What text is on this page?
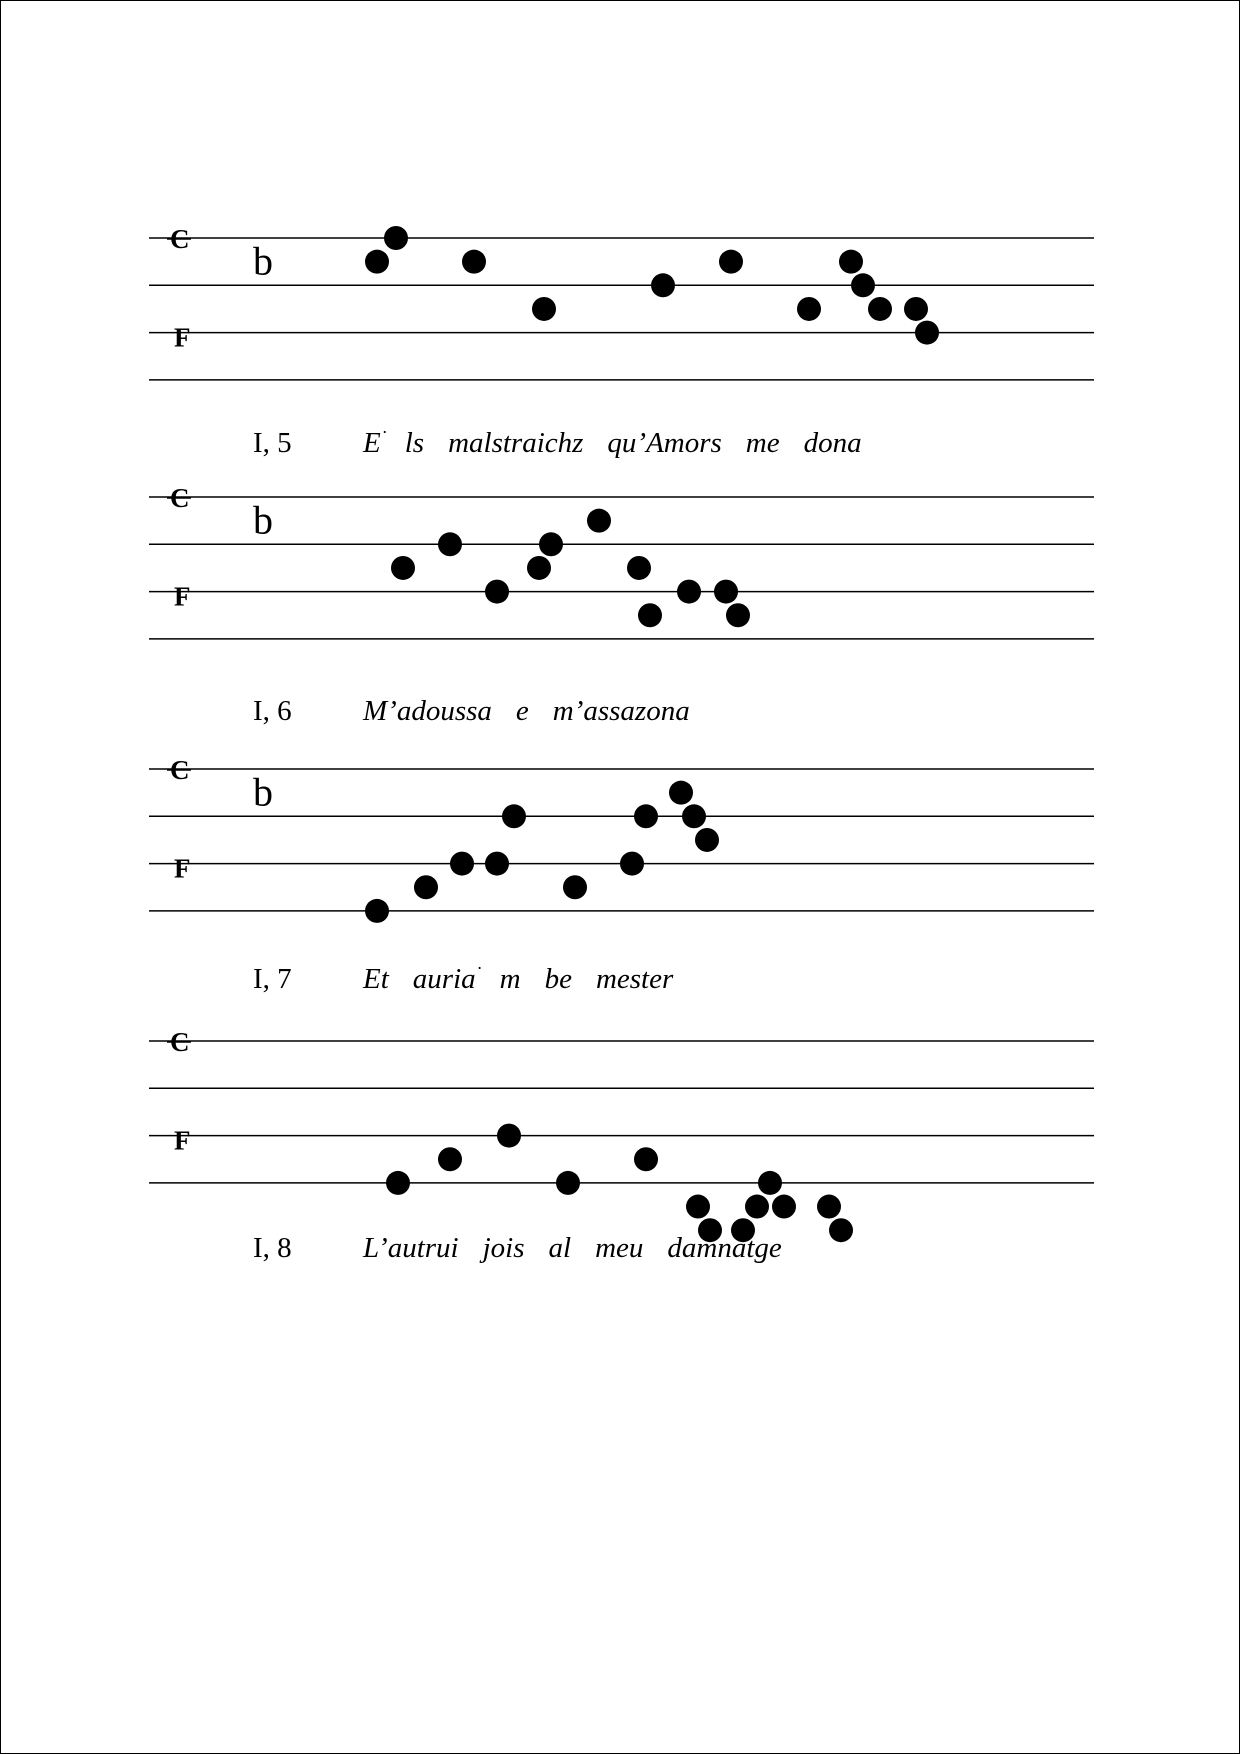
C
F
b
C
F
b
C
F
b
C
F
I, 5 E · ls malstraichz qu’Amors me dona
I, 6 M’adoussa e m’assazona
I, 7 Et auria · m be mester
I, 8 L’autrui jois al meu damnatge
